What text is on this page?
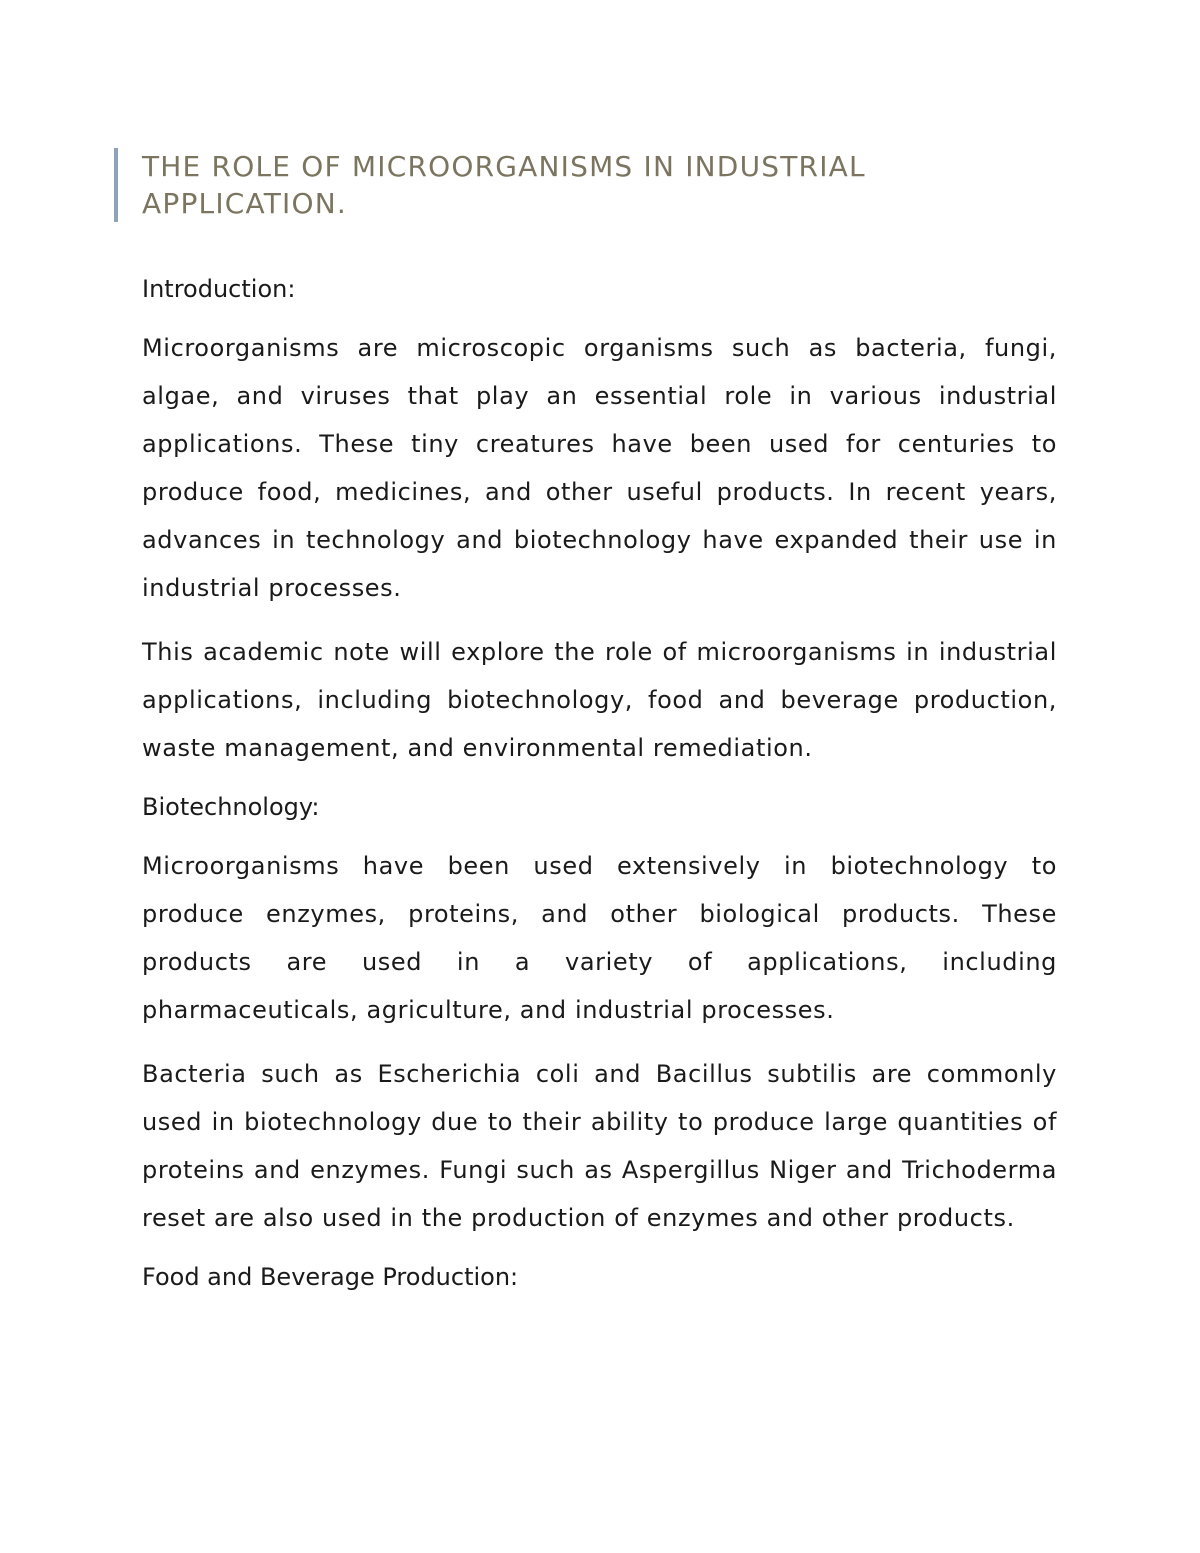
THE ROLE OF MICROORGANISMS IN INDUSTRIAL APPLICATION.

Introduction:

Microorganisms are microscopic organisms such as bacteria, fungi, algae, and viruses that play an essential role in various industrial applications. These tiny creatures have been used for centuries to produce food, medicines, and other useful products. In recent years, advances in technology and biotechnology have expanded their use in industrial processes.

This academic note will explore the role of microorganisms in industrial applications, including biotechnology, food and beverage production, waste management, and environmental remediation.

Biotechnology:

Microorganisms have been used extensively in biotechnology to produce enzymes, proteins, and other biological products. These products are used in a variety of applications, including pharmaceuticals, agriculture, and industrial processes.

Bacteria such as Escherichia coli and Bacillus subtilis are commonly used in biotechnology due to their ability to produce large quantities of proteins and enzymes. Fungi such as Aspergillus Niger and Trichoderma reset are also used in the production of enzymes and other products.

Food and Beverage Production:
